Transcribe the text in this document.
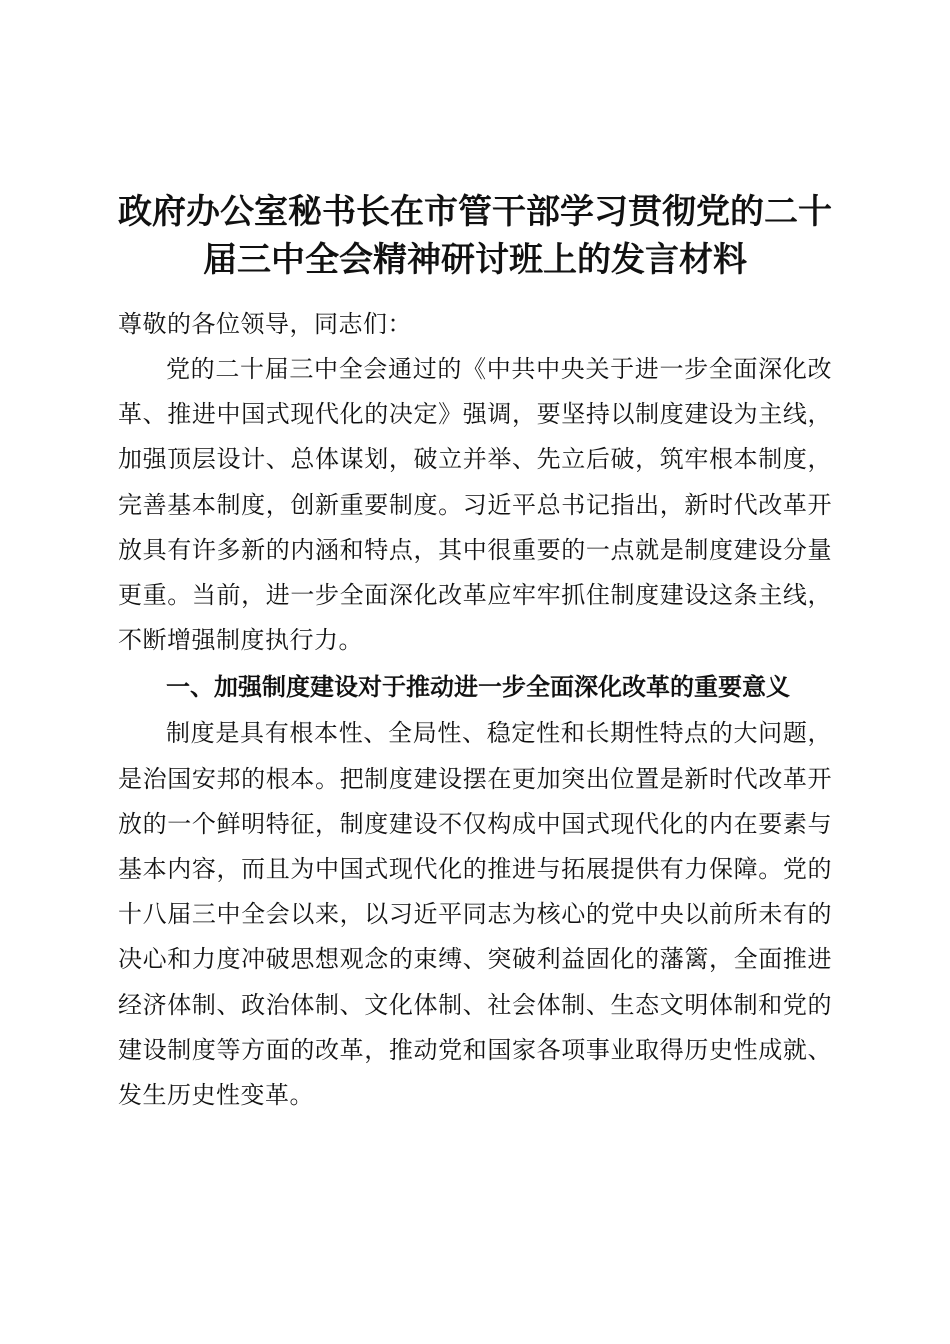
政府办公室秘书长在市管干部学习贯彻党的二十届三中全会精神研讨班上的发言材料

尊敬的各位领导，同志们：

党的二十届三中全会通过的《中共中央关于进一步全面深化改革、推进中国式现代化的决定》强调，要坚持以制度建设为主线，加强顶层设计、总体谋划，破立并举、先立后破，筑牢根本制度，完善基本制度，创新重要制度。习近平总书记指出，新时代改革开放具有许多新的内涵和特点，其中很重要的一点就是制度建设分量更重。当前，进一步全面深化改革应牢牢抓住制度建设这条主线，不断增强制度执行力。

一、加强制度建设对于推动进一步全面深化改革的重要意义

制度是具有根本性、全局性、稳定性和长期性特点的大问题，是治国安邦的根本。把制度建设摆在更加突出位置是新时代改革开放的一个鲜明特征，制度建设不仅构成中国式现代化的内在要素与基本内容，而且为中国式现代化的推进与拓展提供有力保障。党的十八届三中全会以来，以习近平同志为核心的党中央以前所未有的决心和力度冲破思想观念的束缚、突破利益固化的藩篱，全面推进经济体制、政治体制、文化体制、社会体制、生态文明体制和党的建设制度等方面的改革，推动党和国家各项事业取得历史性成就、发生历史性变革。
